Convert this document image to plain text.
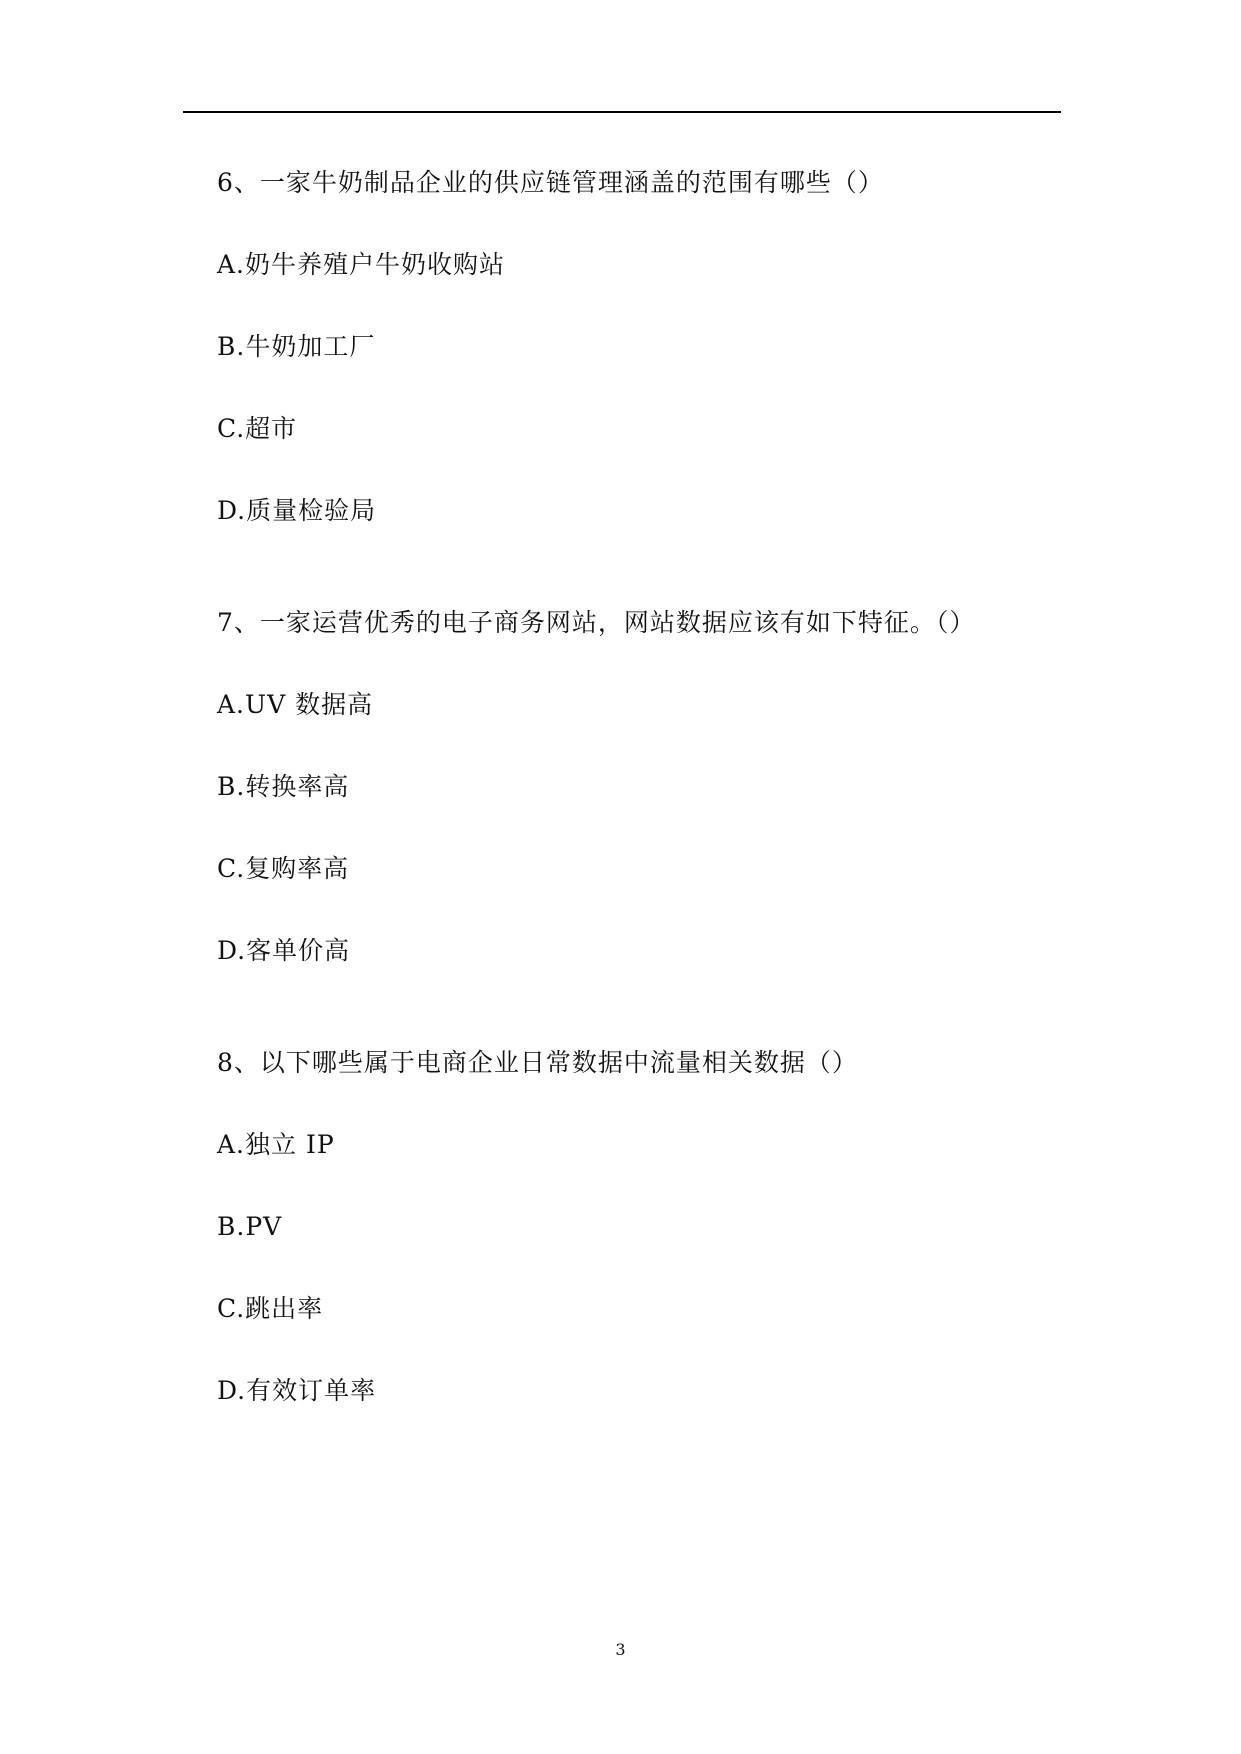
6、一家牛奶制品企业的供应链管理涵盖的范围有哪些（）
A.奶牛养殖户牛奶收购站
B.牛奶加工厂
C.超市
D.质量检验局
7、一家运营优秀的电子商务网站，网站数据应该有如下特征。（）
A.UV 数据高
B.转换率高
C.复购率高
D.客单价高
8、以下哪些属于电商企业日常数据中流量相关数据（）
A.独立 IP
B.PV
C.跳出率
D.有效订单率
3
